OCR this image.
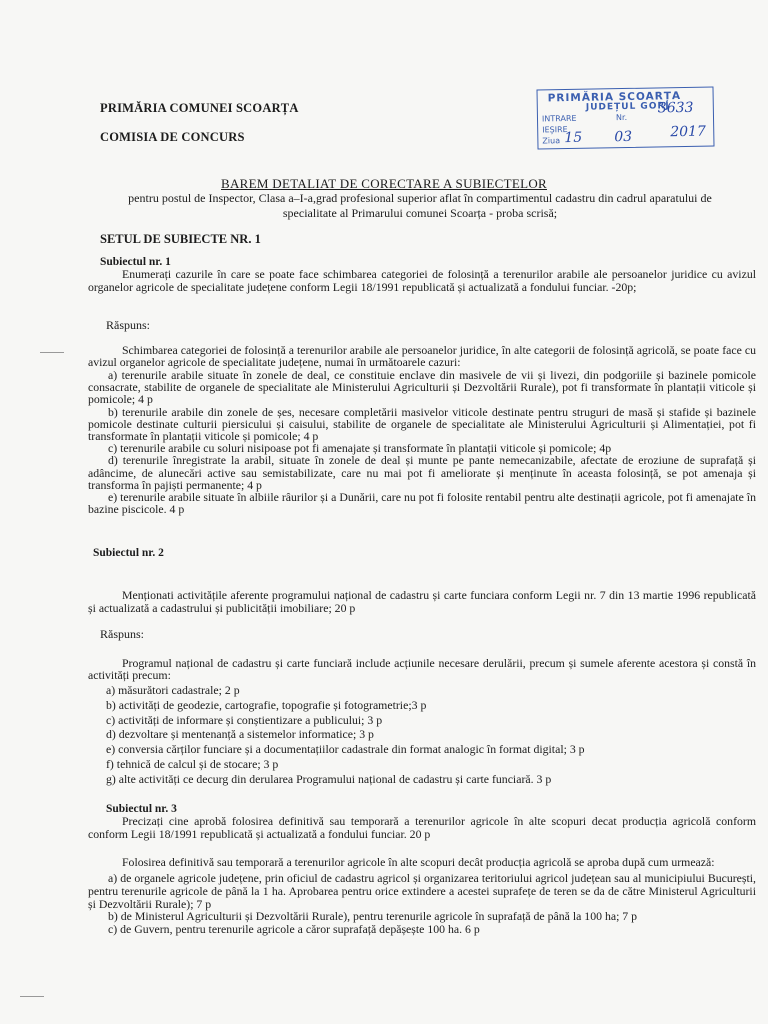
PRIMĂRIA COMUNEI SCOARȚA
COMISIA DE CONCURS
PRIMĂRIA SCOARȚA
JUDEȚUL GORJ
INTRARE
IEȘIRE
Ziua
Nr.
3633
15 03	2017
BAREM DETALIAT DE CORECTARE A SUBIECTELOR
pentru postul de Inspector, Clasa a–I-a,grad profesional superior aflat în compartimentul cadastru din cadrul aparatului de specialitate al Primarului comunei Scoarța - proba scrisă;
SETUL DE SUBIECTE NR. 1
Subiectul nr. 1
Enumerați cazurile în care se poate face schimbarea categoriei de folosință a terenurilor arabile ale persoanelor juridice cu avizul organelor agricole de specialitate județene conform Legii 18/1991 republicată și actualizată a fondului funciar. -20p;
Răspuns:
Schimbarea categoriei de folosință a terenurilor arabile ale persoanelor juridice, în alte categorii de folosință agricolă, se poate face cu avizul organelor agricole de specialitate județene, numai în următoarele cazuri:
a) terenurile arabile situate în zonele de deal, ce constituie enclave din masivele de vii și livezi, din podgoriile și bazinele pomicole consacrate, stabilite de organele de specialitate ale Ministerului Agriculturii și Dezvoltării Rurale), pot fi transformate în plantații viticole și pomicole; 4 p
b) terenurile arabile din zonele de șes, necesare completării masivelor viticole destinate pentru struguri de masă și stafide și bazinele pomicole destinate culturii piersicului și caisului, stabilite de organele de specialitate ale Ministerului Agriculturii și Alimentației, pot fi transformate în plantații viticole și pomicole; 4 p
c) terenurile arabile cu soluri nisipoase pot fi amenajate și transformate în plantații viticole și pomicole; 4p
d) terenurile înregistrate la arabil, situate în zonele de deal și munte pe pante nemecanizabile, afectate de eroziune de suprafață și adâncime, de alunecări active sau semistabilizate, care nu mai pot fi ameliorate și menținute în aceasta folosință, se pot amenaja și transforma în pajiști permanente; 4 p
e) terenurile arabile situate în albiile râurilor și a Dunării, care nu pot fi folosite rentabil pentru alte destinații agricole, pot fi amenajate în bazine piscicole. 4 p
Subiectul nr. 2
Menționati activitățile aferente programului național de cadastru și carte funciara conform Legii nr. 7 din 13 martie 1996 republicată și actualizată a cadastrului și publicității imobiliare; 20 p
Răspuns:
Programul național de cadastru și carte funciară include acțiunile necesare derulării, precum și sumele aferente acestora și constă în activități precum:
a) măsurători cadastrale; 2 p
b) activități de geodezie, cartografie, topografie și fotogrametrie;3 p
c) activități de informare și conștientizare a publicului; 3 p
d) dezvoltare și mentenanță a sistemelor informatice; 3 p
e) conversia cărților funciare și a documentațiilor cadastrale din format analogic în format digital; 3 p
f) tehnică de calcul și de stocare; 3 p
g) alte activități ce decurg din derularea Programului național de cadastru și carte funciară. 3 p
Subiectul nr. 3
Precizați cine aprobă folosirea definitivă sau temporară a terenurilor agricole în alte scopuri decat producția agricolă conform conform Legii 18/1991 republicată și actualizată a fondului funciar. 20 p
Folosirea definitivă sau temporară a terenurilor agricole în alte scopuri decât producția agricolă se aproba după cum urmează:
a) de organele agricole județene, prin oficiul de cadastru agricol și organizarea teritoriului agricol județean sau al municipiului București, pentru terenurile agricole de până la 1 ha. Aprobarea pentru orice extindere a acestei suprafețe de teren se da de către Ministerul Agriculturii și Dezvoltării Rurale); 7 p
b) de Ministerul Agriculturii și Dezvoltării Rurale), pentru terenurile agricole în suprafață de până la 100 ha; 7 p
c) de Guvern, pentru terenurile agricole a căror suprafață depășește 100 ha. 6 p
